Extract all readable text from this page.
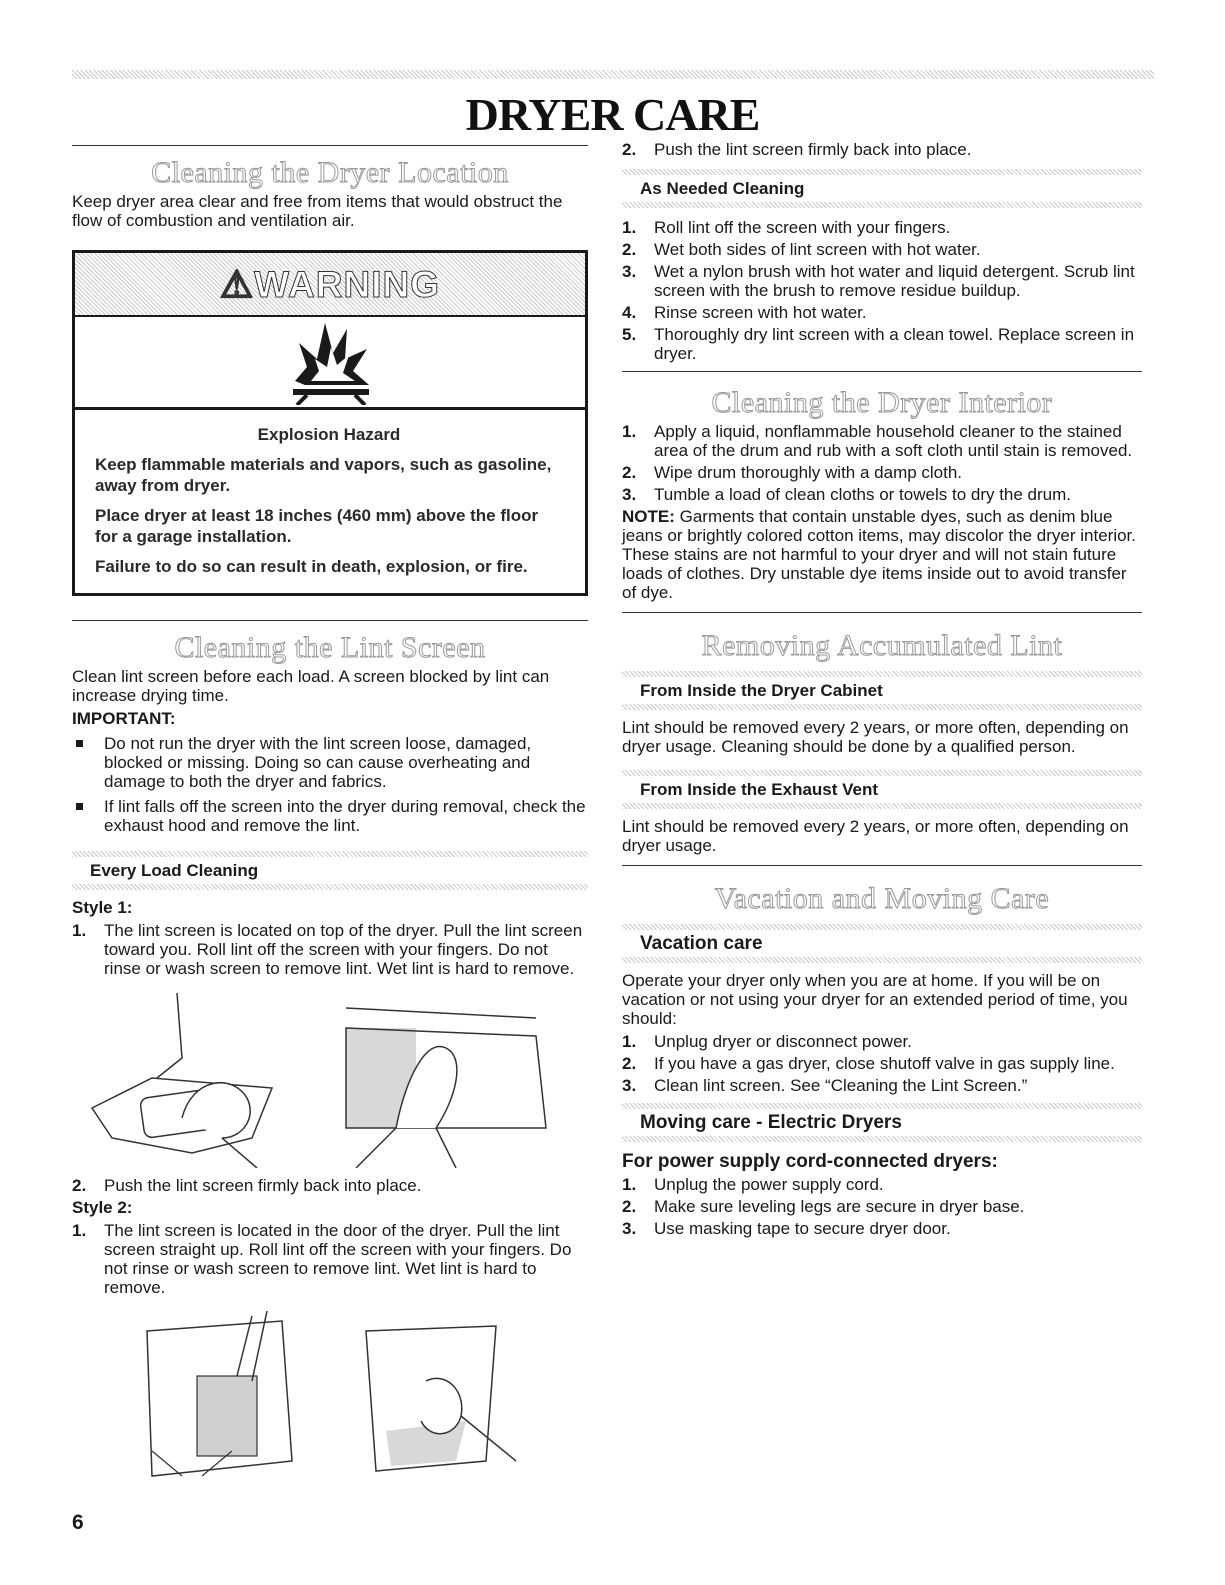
DRYER CARE
Cleaning the Dryer Location

Keep dryer area clear and free from items that would obstruct the flow of combustion and ventilation air.

⚠WARNING

Explosion Hazard

Keep flammable materials and vapors, such as gasoline, away from dryer.

Place dryer at least 18 inches (460 mm) above the floor for a garage installation.

Failure to do so can result in death, explosion, or fire.

Cleaning the Lint Screen

Clean lint screen before each load. A screen blocked by lint can increase drying time.

IMPORTANT:

Do not run the dryer with the lint screen loose, damaged, blocked or missing. Doing so can cause overheating and damage to both the dryer and fabrics.
If lint falls off the screen into the dryer during removal, check the exhaust hood and remove the lint.
Every Load Cleaning

Style 1:

1. The lint screen is located on top of the dryer. Pull the lint screen toward you. Roll lint off the screen with your fingers. Do not rinse or wash screen to remove lint. Wet lint is hard to remove.
2. Push the lint screen firmly back into place.

Style 2:

1. The lint screen is located in the door of the dryer. Pull the lint screen straight up. Roll lint off the screen with your fingers. Do not rinse or wash screen to remove lint. Wet lint is hard to remove.
2. Push the lint screen firmly back into place.
As Needed Cleaning
1. Roll lint off the screen with your fingers.
2. Wet both sides of lint screen with hot water.
3. Wet a nylon brush with hot water and liquid detergent. Scrub lint screen with the brush to remove residue buildup.
4. Rinse screen with hot water.
5. Thoroughly dry lint screen with a clean towel. Replace screen in dryer.
Cleaning the Dryer Interior
1. Apply a liquid, nonflammable household cleaner to the stained area of the drum and rub with a soft cloth until stain is removed.
2. Wipe drum thoroughly with a damp cloth.
3. Tumble a load of clean cloths or towels to dry the drum.

NOTE: Garments that contain unstable dyes, such as denim blue jeans or brightly colored cotton items, may discolor the dryer interior. These stains are not harmful to your dryer and will not stain future loads of clothes. Dry unstable dye items inside out to avoid transfer of dye.

Removing Accumulated Lint
From Inside the Dryer Cabinet

Lint should be removed every 2 years, or more often, depending on dryer usage. Cleaning should be done by a qualified person.

From Inside the Exhaust Vent

Lint should be removed every 2 years, or more often, depending on dryer usage.

Vacation and Moving Care
Vacation care

Operate your dryer only when you are at home. If you will be on vacation or not using your dryer for an extended period of time, you should:

1. Unplug dryer or disconnect power.
2. If you have a gas dryer, close shutoff valve in gas supply line.
3. Clean lint screen. See “Cleaning the Lint Screen.”
Moving care - Electric Dryers

For power supply cord-connected dryers:

1. Unplug the power supply cord.
2. Make sure leveling legs are secure in dryer base.
3. Use masking tape to secure dryer door.
6
